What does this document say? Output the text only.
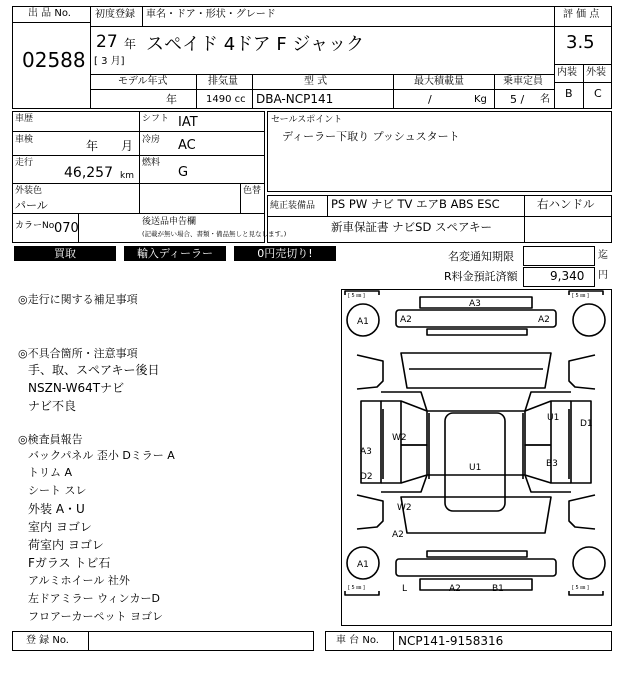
出 品 No.
02588
初度登録 車名・ドア・形状・グレード
27 年
[ 3 月]
スペイド 4ドア F ジャック
評 価 点
3.5
内装 外装
B C
モデル年式	排気量	型 式	最大積載量	乗車定員
年	1490 cc DBA-NCP141	/	Kg 5 / 名
車歴	シフト IAT
車検	年 月 冷房 AC
走行
46,257 km
燃料
G
外装色
パール
色替
カラーNo.
070	後送品申告欄
(記載が無い場合、書類・備品無しと見なします。)
セールスポイント
ディーラー下取り プッシュスタート
純正装備品 PS PW ナビ TV エアB ABS ESC	右ハンドル
新車保証書 ナビSD スペアキー
買取	輸入ディーラー	0円売切り!	名変通知期限	迄
R料金預託済額	9,340 円
◎走行に関する補足事項
◎不具合箇所・注意事項
手、取、スペアキー後日
NSZN-W64Tナビ
ナビ不良
◎検査員報告
バックパネル 歪小 Dミラー A
トリム A
シート スレ
外装 A・U
室内 ヨゴレ
荷室内 ヨゴレ
Fガラス トビ石
アルミホイール 社外
左ドアミラー ウィンカーD
フロアーカーペット ヨゴレ
[ 5 ㎜ ]	[ 5 ㎜ ]
[ 5 ㎜ ]	[ 5 ㎜ ]
A1
A1
A3
A2	A2
W2
A3
D2
U1
U1
D1
B3
W2
A2
L	A2	B1
登 録 No.	車 台 No. NCP141-9158316
